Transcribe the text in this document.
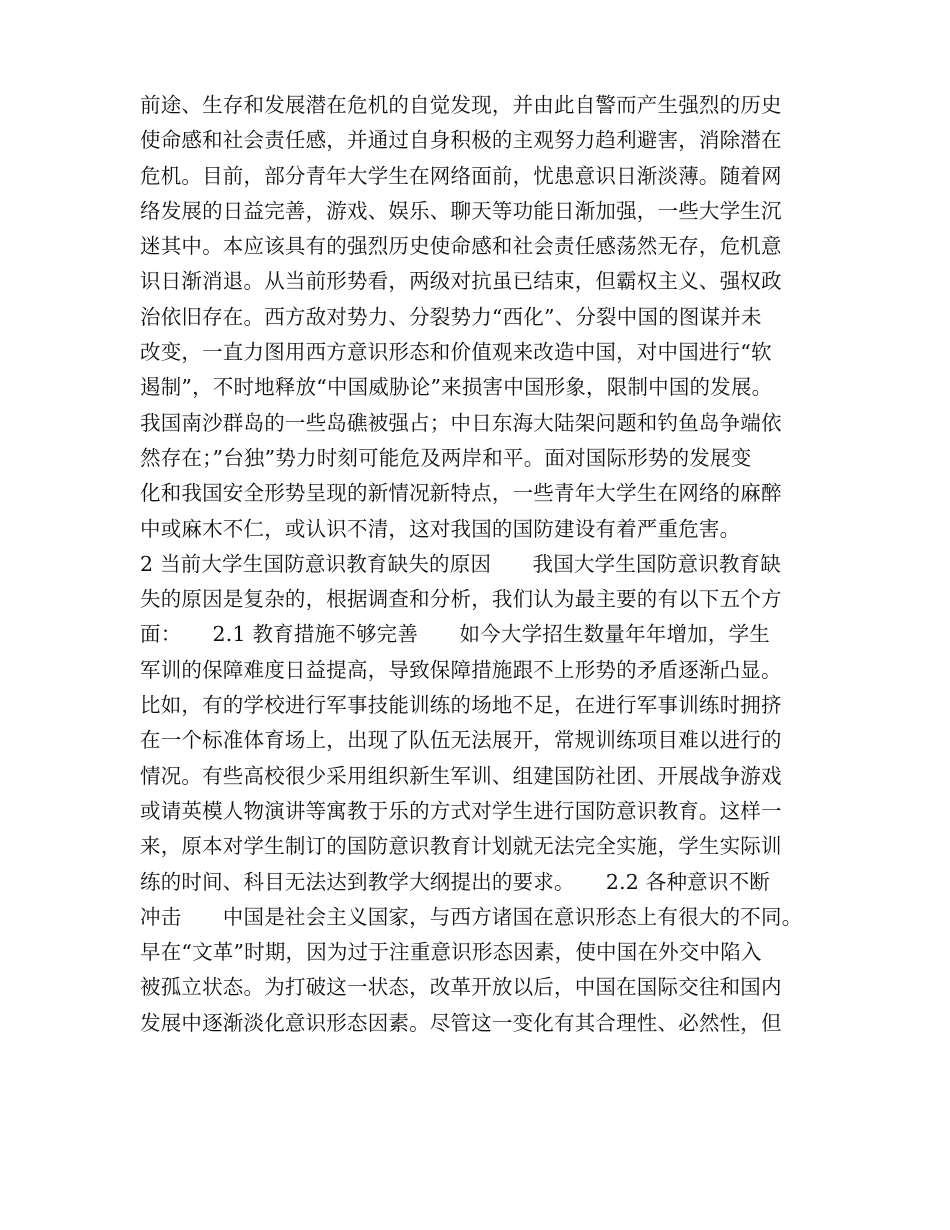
前途、生存和发展潜在危机的自觉发现，并由此自警而产生强烈的历史
使命感和社会责任感，并通过自身积极的主观努力趋利避害，消除潜在
危机。目前，部分青年大学生在网络面前，忧患意识日渐淡薄。随着网
络发展的日益完善，游戏、娱乐、聊天等功能日渐加强，一些大学生沉
迷其中。本应该具有的强烈历史使命感和社会责任感荡然无存，危机意
识日渐消退。从当前形势看，两级对抗虽已结束，但霸权主义、强权政
治依旧存在。西方敌对势力、分裂势力“西化”、分裂中国的图谋并未
改变，一直力图用西方意识形态和价值观来改造中国，对中国进行“软
遏制”，不时地释放“中国威胁论”来损害中国形象，限制中国的发展。
我国南沙群岛的一些岛礁被强占；中日东海大陆架问题和钓鱼岛争端依
然存在；”台独”势力时刻可能危及两岸和平。面对国际形势的发展变
化和我国安全形势呈现的新情况新特点，一些青年大学生在网络的麻醉
中或麻木不仁，或认识不清，这对我国的国防建设有着严重危害。
2 当前大学生国防意识教育缺失的原因　　我国大学生国防意识教育缺
失的原因是复杂的，根据调查和分析，我们认为最主要的有以下五个方
面：　　2.1 教育措施不够完善　　如今大学招生数量年年增加，学生
军训的保障难度日益提高，导致保障措施跟不上形势的矛盾逐渐凸显。
比如，有的学校进行军事技能训练的场地不足，在进行军事训练时拥挤
在一个标准体育场上，出现了队伍无法展开，常规训练项目难以进行的
情况。有些高校很少采用组织新生军训、组建国防社团、开展战争游戏
或请英模人物演讲等寓教于乐的方式对学生进行国防意识教育。这样一
来，原本对学生制订的国防意识教育计划就无法完全实施，学生实际训
练的时间、科目无法达到教学大纲提出的要求。　　2.2 各种意识不断
冲击　　中国是社会主义国家，与西方诸国在意识形态上有很大的不同。
早在“文革”时期，因为过于注重意识形态因素，使中国在外交中陷入
被孤立状态。为打破这一状态，改革开放以后，中国在国际交往和国内
发展中逐渐淡化意识形态因素。尽管这一变化有其合理性、必然性，但
